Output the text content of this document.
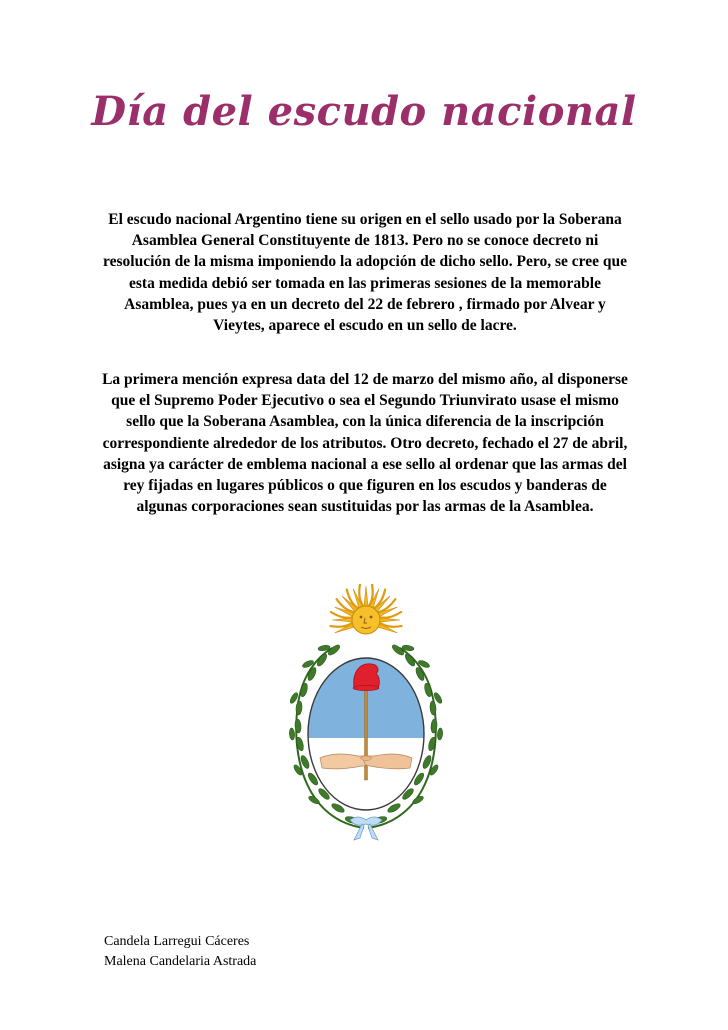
Día del escudo nacional

El escudo nacional Argentino tiene su origen en el sello usado por la Soberana Asamblea General Constituyente de 1813. Pero no se conoce decreto ni resolución de la misma imponiendo la adopción de dicho sello. Pero, se cree que esta medida debió ser tomada en las primeras sesiones de la memorable Asamblea, pues ya en un decreto del 22 de febrero , firmado por Alvear y Vieytes, aparece el escudo en un sello de lacre.

La primera mención expresa data del 12 de marzo del mismo año, al disponerse que el Supremo Poder Ejecutivo o sea el Segundo Triunvirato usase el mismo sello que la Soberana Asamblea, con la única diferencia de la inscripción correspondiente alrededor de los atributos. Otro decreto, fechado el 27 de abril, asigna ya carácter de emblema nacional a ese sello al ordenar que las armas del rey fijadas en lugares públicos o que figuren en los escudos y banderas de algunas corporaciones sean sustituidas por las armas de la Asamblea.

Candela Larregui Cáceres
Malena Candelaria Astrada
